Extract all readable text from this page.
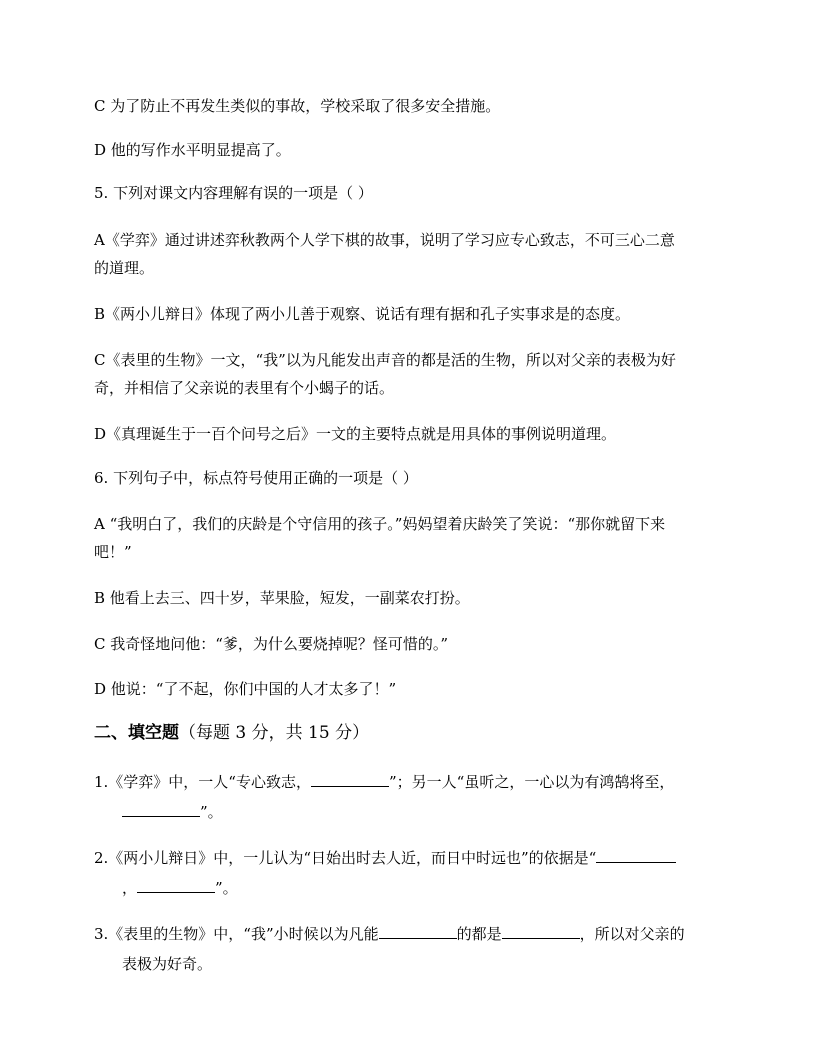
C 为了防止不再发生类似的事故，学校采取了很多安全措施。
D 他的写作水平明显提高了。
5. 下列对课文内容理解有误的一项是（ ）
A《学弈》通过讲述弈秋教两个人学下棋的故事，说明了学习应专心致志，不可三心二意
的道理。
B《两小儿辩日》体现了两小儿善于观察、说话有理有据和孔子实事求是的态度。
C《表里的生物》一文，“我”以为凡能发出声音的都是活的生物，所以对父亲的表极为好
奇，并相信了父亲说的表里有个小蝎子的话。
D《真理诞生于一百个问号之后》一文的主要特点就是用具体的事例说明道理。
6. 下列句子中，标点符号使用正确的一项是（ ）
A “我明白了，我们的庆龄是个守信用的孩子。”妈妈望着庆龄笑了笑说：“那你就留下来
吧！”
B 他看上去三、四十岁，苹果脸，短发，一副菜农打扮。
C 我奇怪地问他：“爹，为什么要烧掉呢？怪可惜的。”
D 他说：“了不起，你们中国的人才太多了！”
二、填空题（每题 3 分，共 15 分）
1.《学弈》中，一人“专心致志，	”；另一人“虽听之，一心以为有鸿鹄将至，
”。
2.《两小儿辩日》中，一儿认为“日始出时去人近，而日中时远也”的依据是“
，	”。
3.《表里的生物》中，“我”小时候以为凡能	的都是	，所以对父亲的
表极为好奇。
